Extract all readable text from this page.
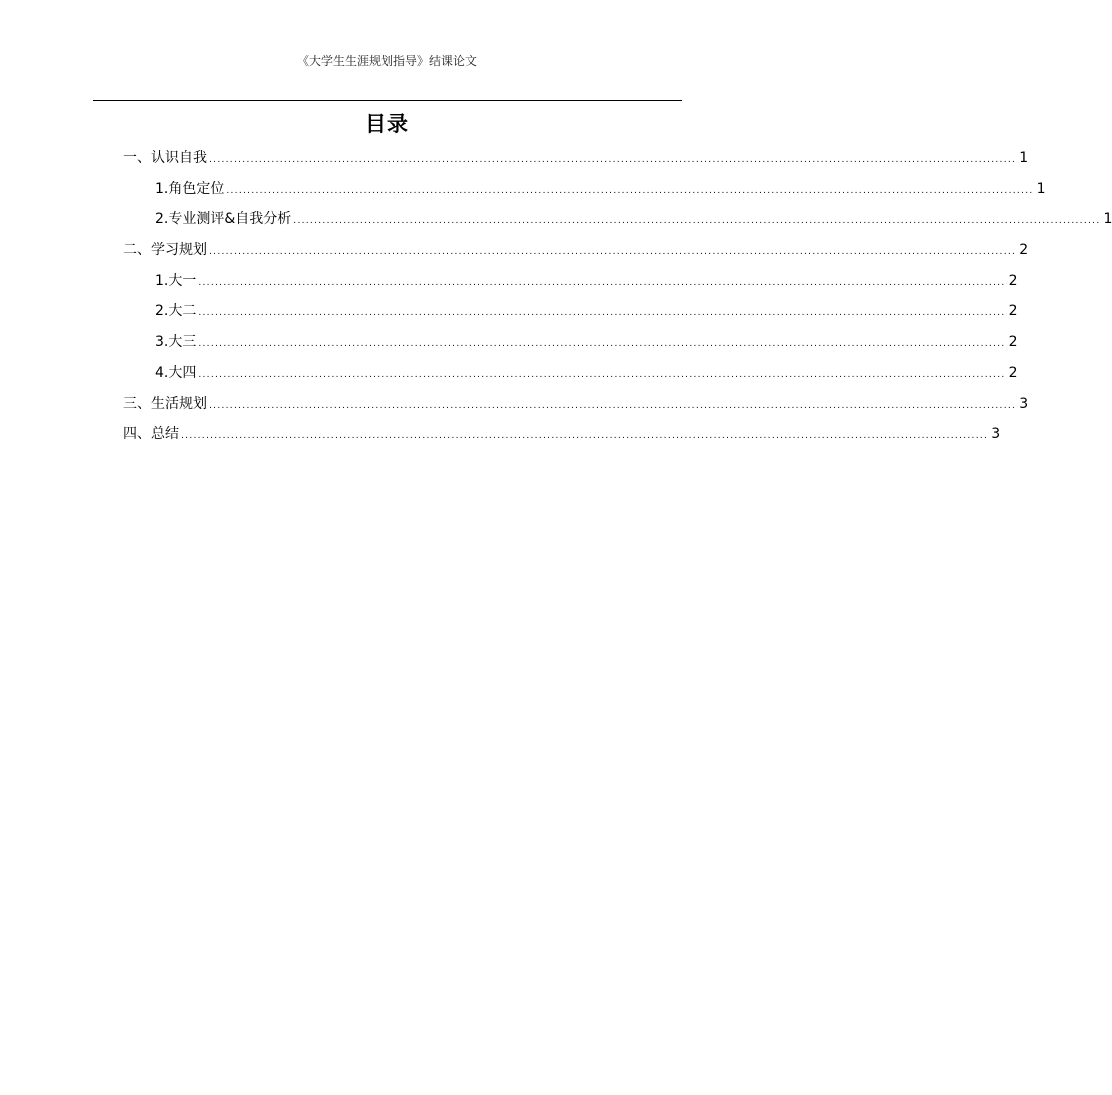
《大学生生涯规划指导》结课论文
目录
一、认识自我 .................................................................................................................................................................................................. 1
1.角色定位 .................................................................................................................................................................................................. 1
2.专业测评&自我分析 .................................................................................................................................................................................................. 1
二、学习规划 .................................................................................................................................................................................................. 2
1.大一 .................................................................................................................................................................................................. 2
2.大二 .................................................................................................................................................................................................. 2
3.大三 .................................................................................................................................................................................................. 2
4.大四 .................................................................................................................................................................................................. 2
三、生活规划 .................................................................................................................................................................................................. 3
四、总结 .................................................................................................................................................................................................. 3
